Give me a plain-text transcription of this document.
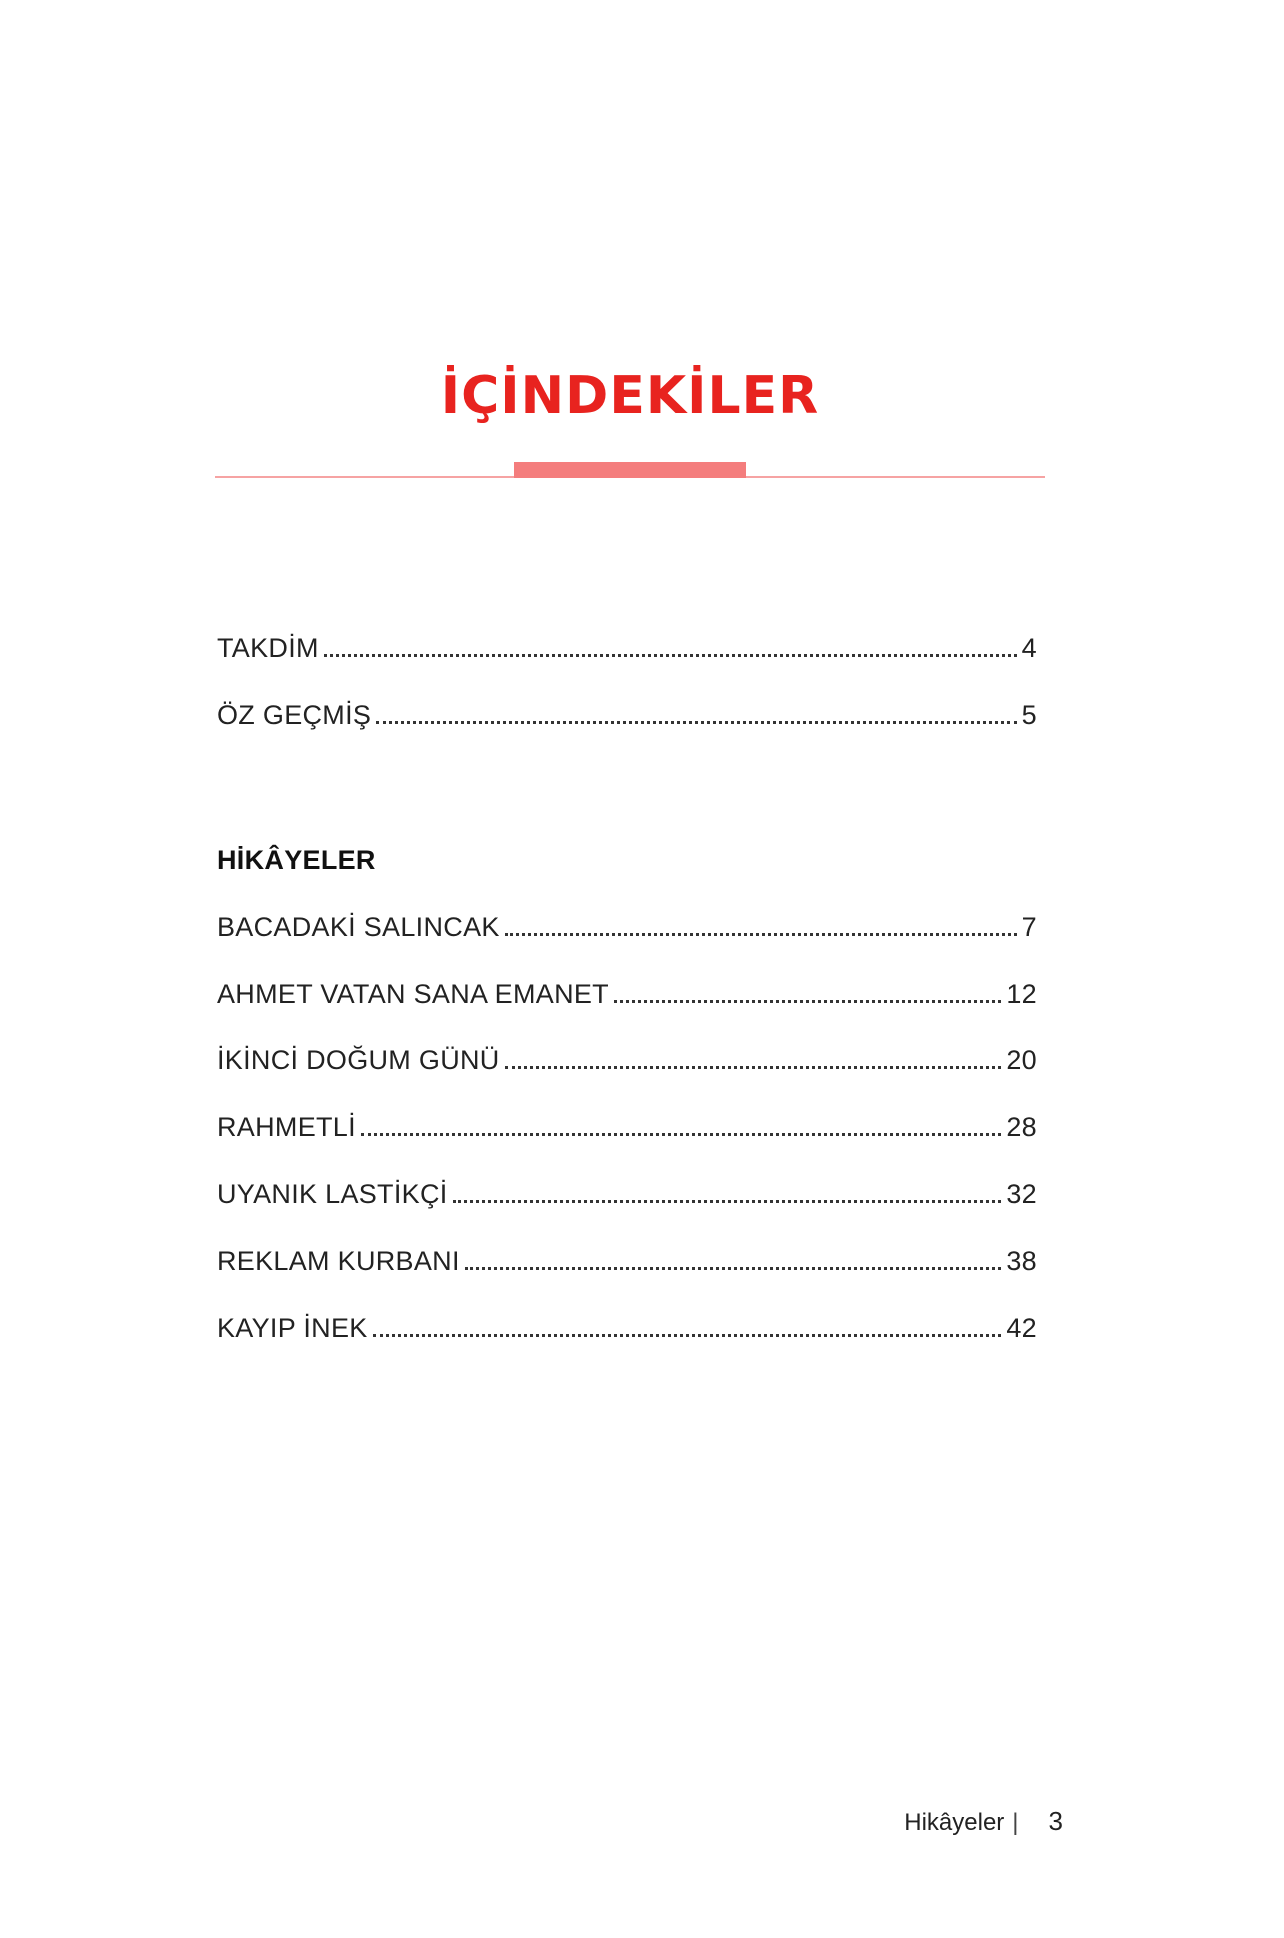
İÇİNDEKİLER
TAKDİM	4
ÖZ GEÇMİŞ	5
HİKÂYELER
BACADAKİ SALINCAK	7
AHMET VATAN SANA EMANET	12
İKİNCİ DOĞUM GÜNÜ	20
RAHMETLİ	28
UYANIK LASTİKÇİ	32
REKLAM KURBANI	38
KAYIP İNEK	42
Hikâyeler | 3
